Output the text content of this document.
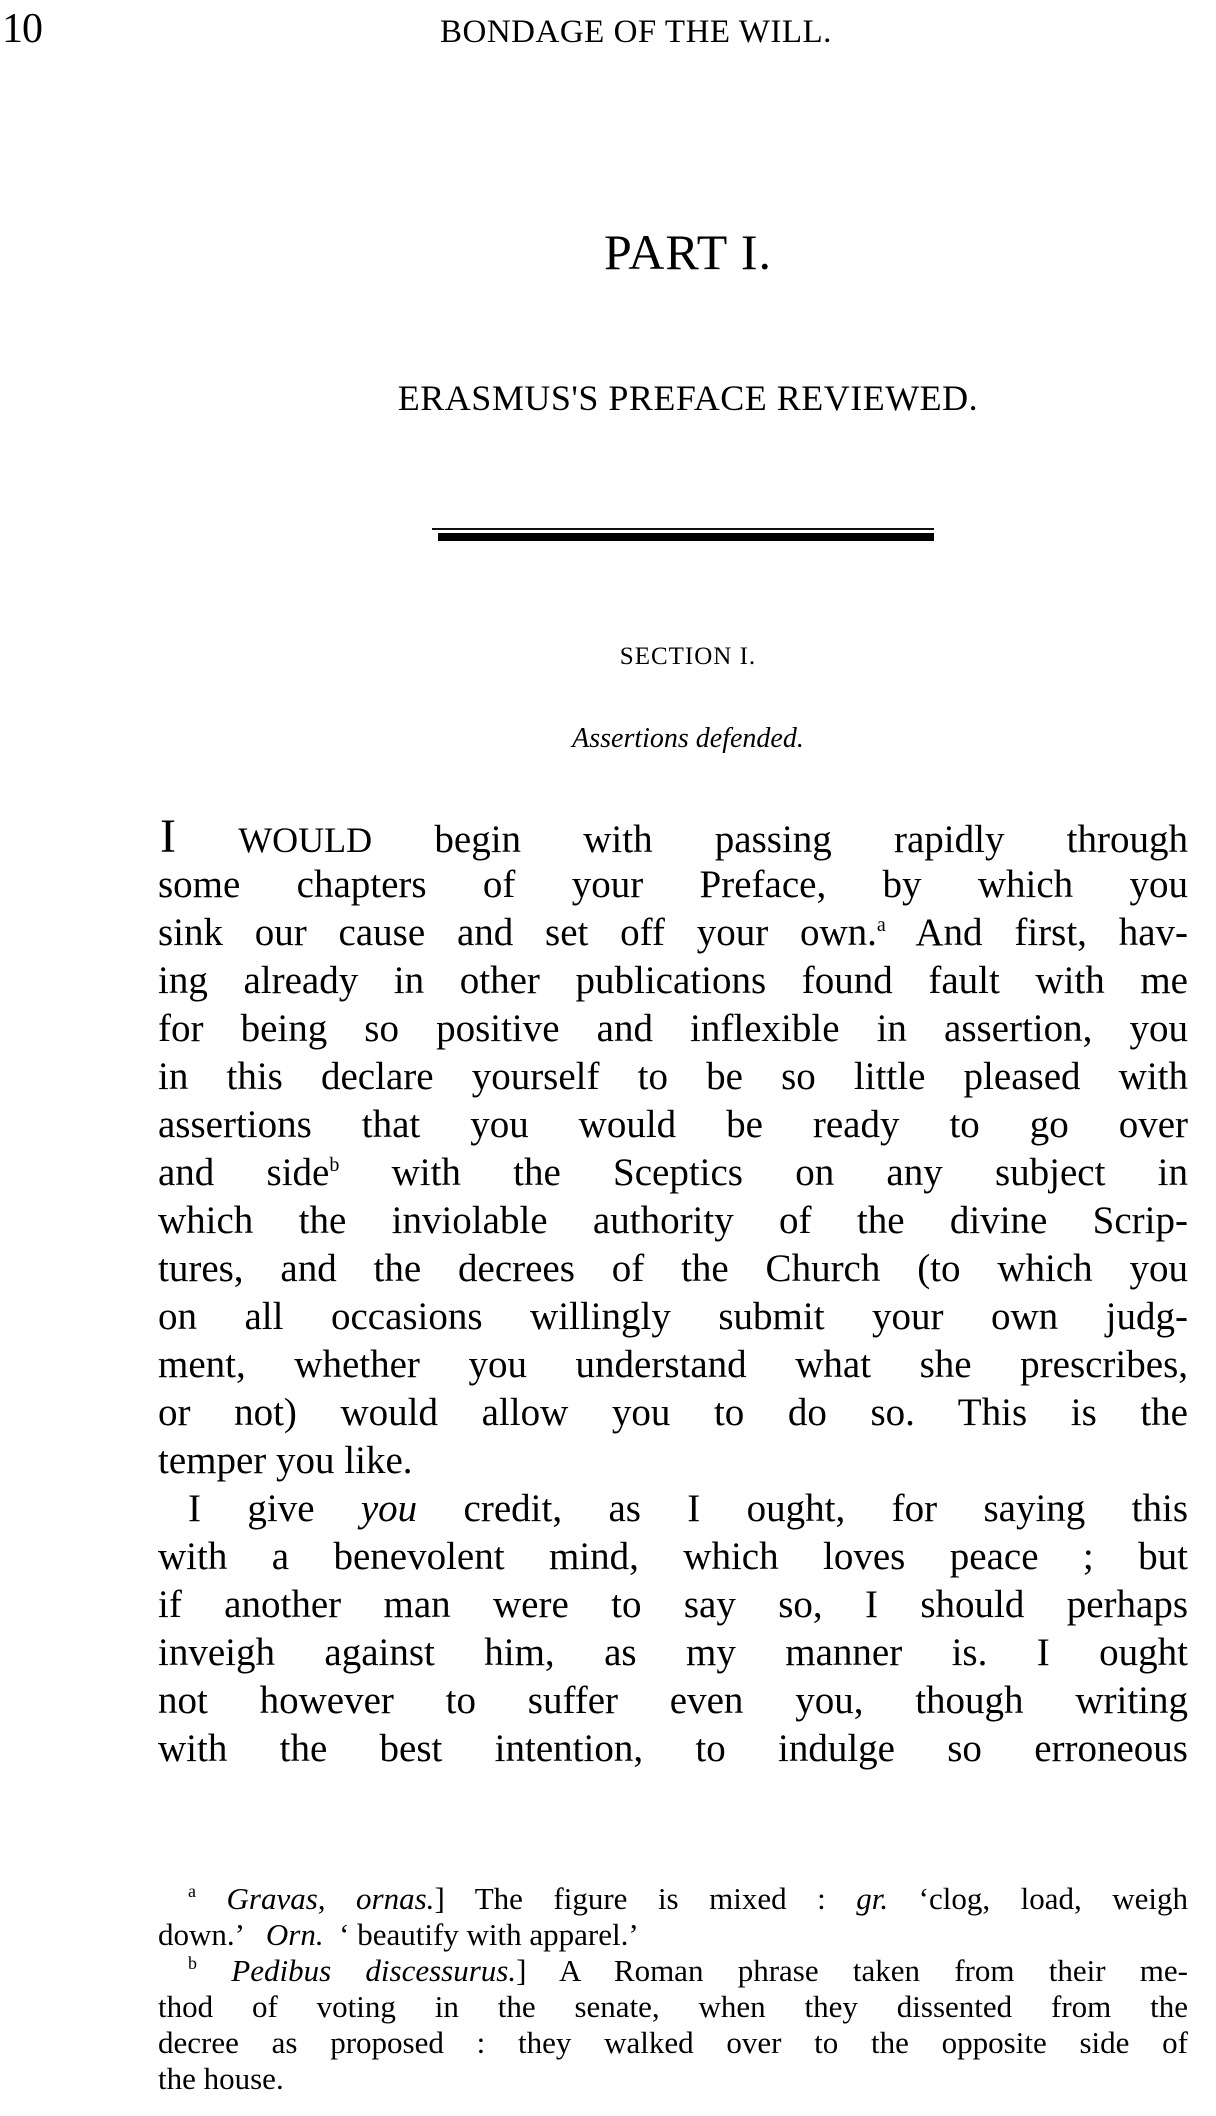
10	BONDAGE OF THE WILL.
PART I.
ERASMUS'S PREFACE REVIEWED.
SECTION I.
Assertions defended.
I WOULD begin with passing rapidly through
some chapters of your Preface, by which you
sink our cause and set off your own.$^a$ And first, hav-
ing already in other publications found fault with me
for being so positive and inflexible in assertion, you
in this declare yourself to be so little pleased with
assertions that you would be ready to go over
and side$^b$ with the Sceptics on any subject in
which the inviolable authority of the divine Scrip-
tures, and the decrees of the Church (to which you
on all occasions willingly submit your own judg-
ment, whether you understand what she prescribes,
or not) would allow you to do so. This is the
temper you like.
I give you credit, as I ought, for saying this
with a benevolent mind, which loves peace ; but
if another man were to say so, I should perhaps
inveigh against him, as my manner is. I ought
not however to suffer even you, though writing
with the best intention, to indulge so erroneous
$^a$ Gravas, ornas.] The figure is mixed : gr. ‘clog, load, weigh
down.’   Orn.  ‘ beautify with apparel.’
$^b$ Pedibus discessurus.] A Roman phrase taken from their me-
thod of voting in the senate, when they dissented from the
decree as proposed : they walked over to the opposite side of
the house.
